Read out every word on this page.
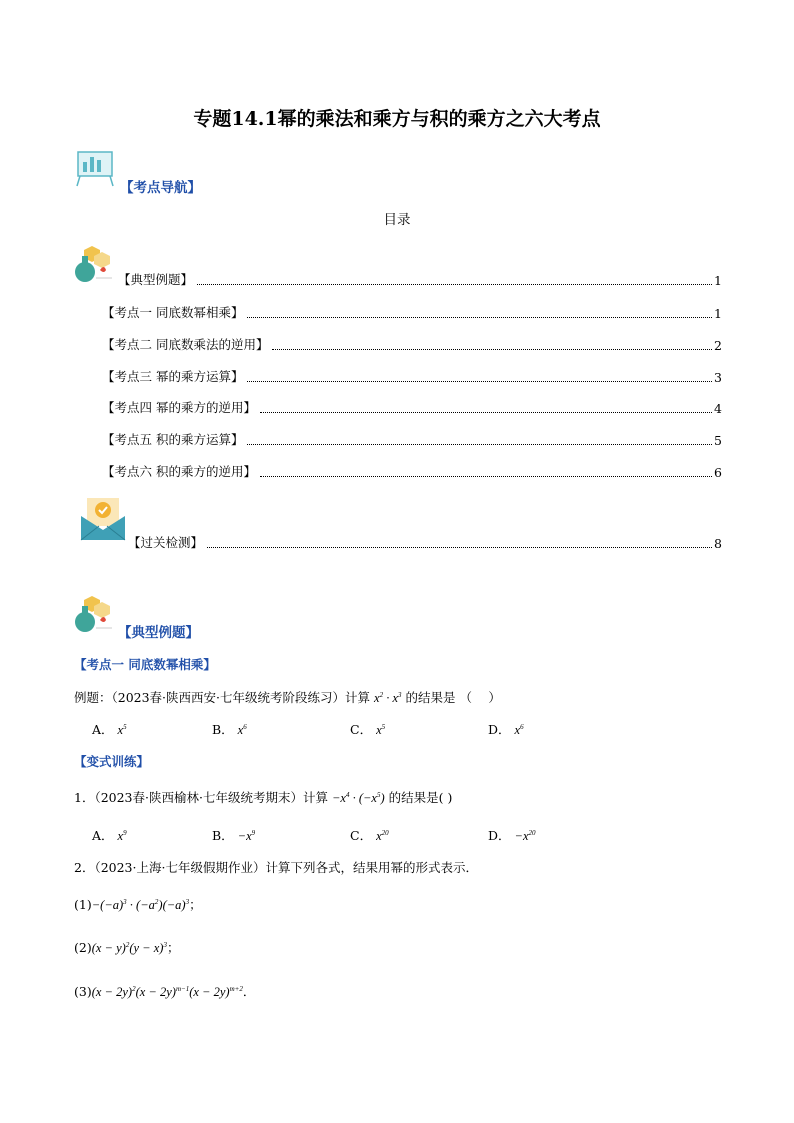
专题14.1幂的乘法和乘方与积的乘方之六大考点
【考点导航】
目录
【典型例题】	1
【考点一 同底数幂相乘】	1
【考点二 同底数乘法的逆用】	2
【考点三 幂的乘方运算】	3
【考点四 幂的乘方的逆用】	4
【考点五 积的乘方运算】	5
【考点六 积的乘方的逆用】	6
【过关检测】	8
【典型例题】
【考点一 同底数幂相乘】
例题：（2023春·陕西西安·七年级统考阶段练习）计算 $x^2 \cdot x^3$ 的结果是 （　 ）
A． $x^5$	B． $x^6$	C． $x^5$	D． $x^6$
【变式训练】
1．（2023春·陕西榆林·七年级统考期末）计算 $-x^4 \cdot (-x^5)$ 的结果是( )
A． $x^9$	B． $-x^9$	C． $x^{20}$	D． $-x^{20}$
2．（2023·上海·七年级假期作业）计算下列各式，结果用幂的形式表示．
$(1)-(-a)^3 \cdot (-a^2)(-a)^3$；
$(2)(x - y)^2(y - x)^3$；
$(3)(x - 2y)^2(x - 2y)^{m-1}(x - 2y)^{m+2}$．
